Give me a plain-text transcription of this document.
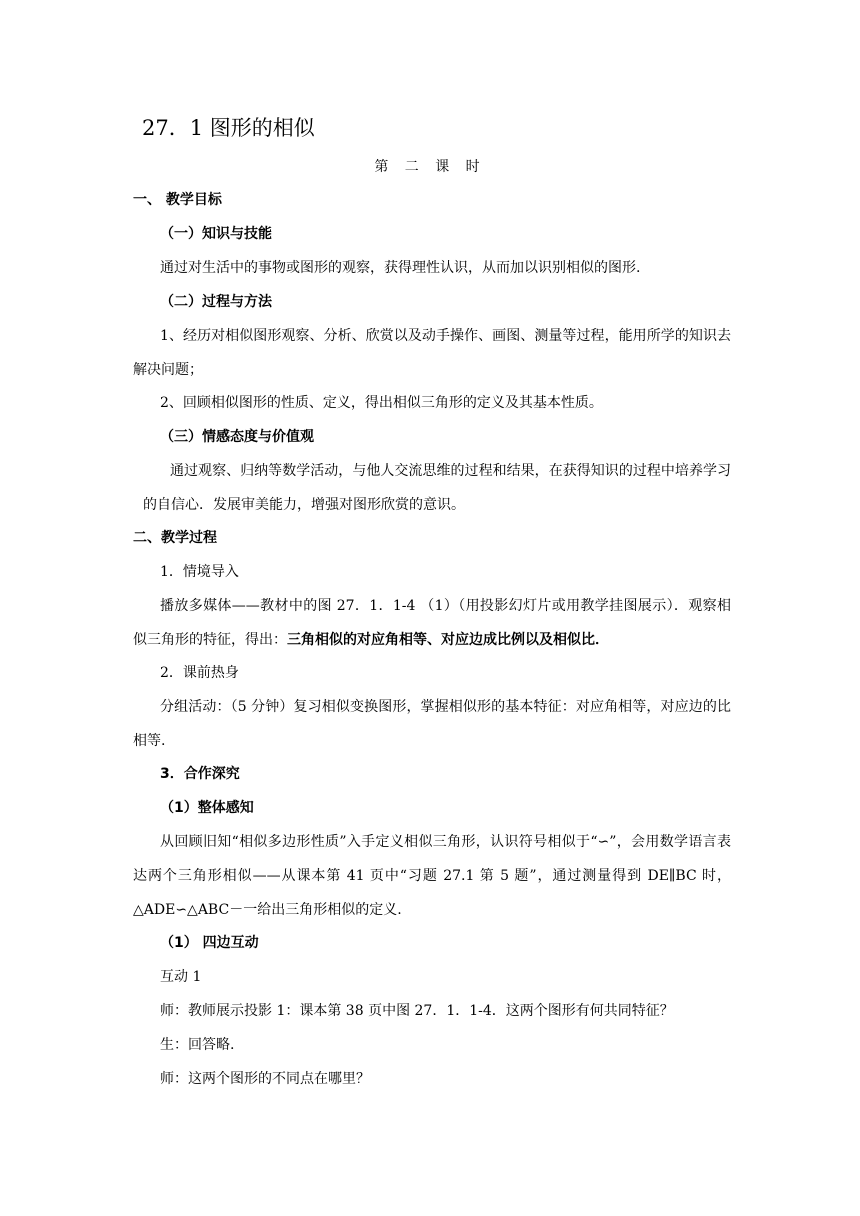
27．1 图形的相似
第 二 课 时
一、 教学目标
（一）知识与技能
通过对生活中的事物或图形的观察，获得理性认识，从而加以识别相似的图形.
（二）过程与方法
1、经历对相似图形观察、分析、欣赏以及动手操作、画图、测量等过程，能用所学的知识去解决问题；
2、回顾相似图形的性质、定义，得出相似三角形的定义及其基本性质。
（三）情感态度与价值观
通过观察、归纳等数学活动，与他人交流思维的过程和结果，在获得知识的过程中培养学习的自信心．发展审美能力，增强对图形欣赏的意识。
二、教学过程
1．情境导入
播放多媒体——教材中的图 27．1．1-4 （1）（用投影幻灯片或用教学挂图展示）．观察相似三角形的特征，得出：三角相似的对应角相等、对应边成比例以及相似比．
2．课前热身
分组活动：（5 分钟）复习相似变换图形，掌握相似形的基本特征：对应角相等，对应边的比相等.
3．合作深究
（1）整体感知
从回顾旧知“相似多边形性质”入手定义相似三角形，认识符号相似于“∽”，会用数学语言表达两个三角形相似——从课本第 41 页中“习题 27.1 第 5 题”，通过测量得到 DE∥BC 时， △ADE∽△ABC－一给出三角形相似的定义.
（1） 四边互动
互动 1
师：教师展示投影 1：课本第 38 页中图 27．1．1-4．这两个图形有何共同特征？
生：回答略.
师：这两个图形的不同点在哪里？
